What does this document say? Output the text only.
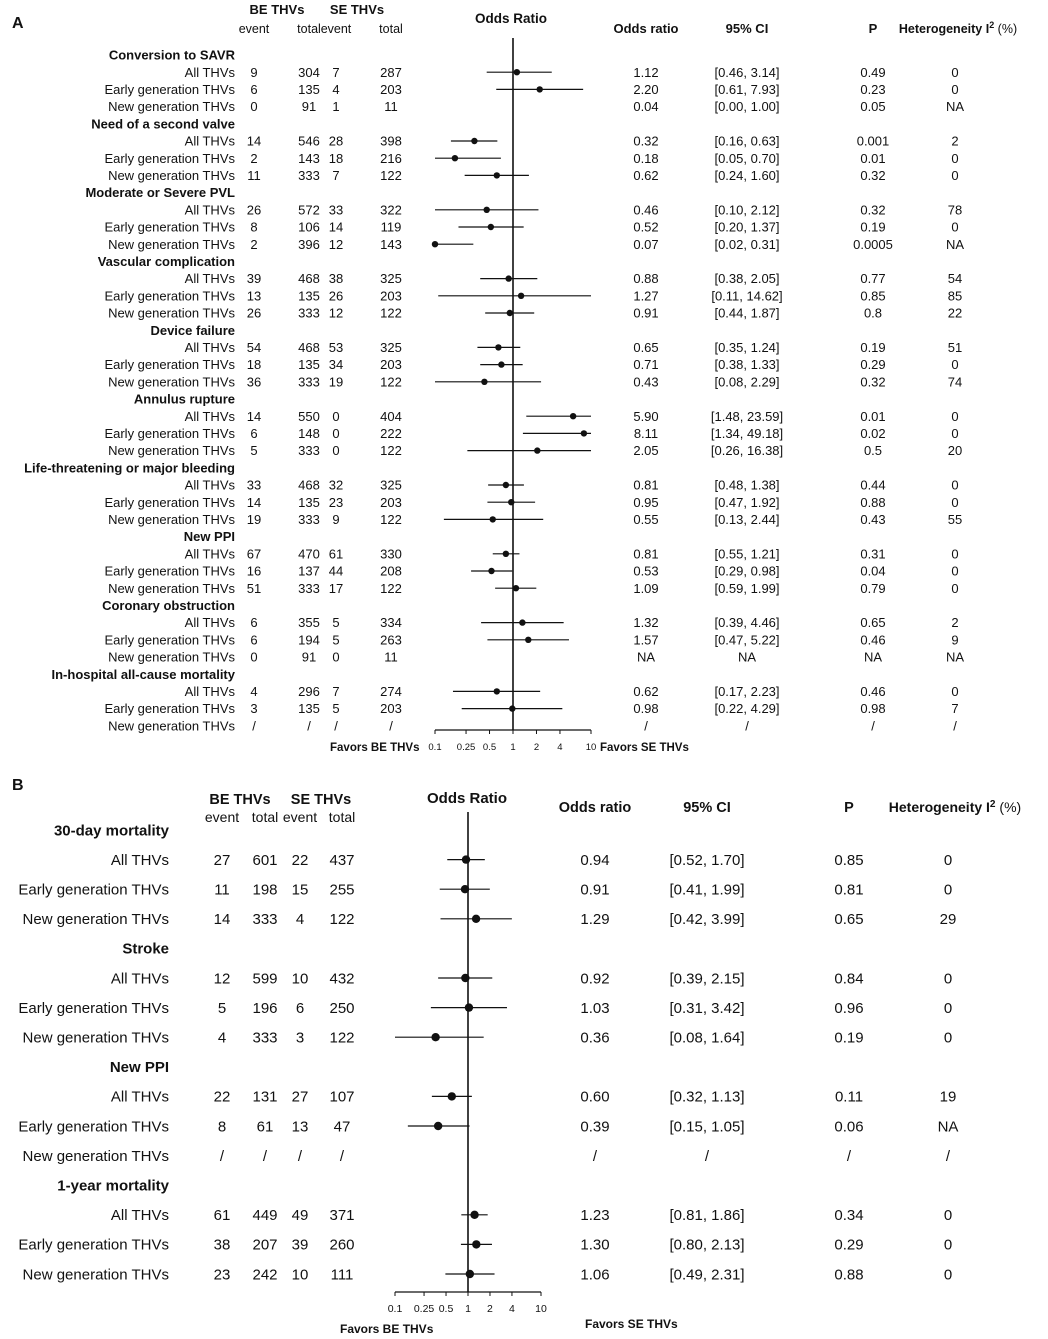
A
BE THVs SE THVs
event total event total
Odds Ratio
Odds ratio	95% CI	P Heterogeneity $I^2$ (%)
Conversion to SAVR
All THVs 9	304 7	287	1.12	[0.46, 3.14]	0.49	0
Early generation THVs 6	135 4	203	2.20	[0.61, 7.93]	0.23	0
New generation THVs 0	91 1	11	0.04	[0.00, 1.00]	0.05	NA
Need of a second valve
All THVs 14	546 28	398	0.32	[0.16, 0.63]	0.001	2
Early generation THVs 2	143 18	216	0.18	[0.05, 0.70]	0.01	0
New generation THVs 11	333 7	122	0.62	[0.24, 1.60]	0.32	0
Moderate or Severe PVL
All THVs 26	572 33	322	0.46	[0.10, 2.12]	0.32	78
Early generation THVs 8	106 14	119	0.52	[0.20, 1.37]	0.19	0
New generation THVs 2	396 12	143	0.07	[0.02, 0.31]	0.0005	NA
Vascular complication
All THVs 39	468 38	325	0.88	[0.38, 2.05]	0.77	54
Early generation THVs 13	135 26	203	1.27	[0.11, 14.62]	0.85	85
New generation THVs 26	333 12	122	0.91	[0.44, 1.87]	0.8	22
Device failure
All THVs 54	468 53	325	0.65	[0.35, 1.24]	0.19	51
Early generation THVs 18	135 34	203	0.71	[0.38, 1.33]	0.29	0
New generation THVs 36	333 19	122	0.43	[0.08, 2.29]	0.32	74
Annulus rupture
All THVs 14	550 0	404	5.90	[1.48, 23.59]	0.01	0
Early generation THVs 6	148 0	222	8.11	[1.34, 49.18]	0.02	0
New generation THVs 5	333 0	122	2.05	[0.26, 16.38]	0.5	20
Life-threatening or major bleeding
All THVs 33	468 32	325	0.81	[0.48, 1.38]	0.44	0
Early generation THVs 14	135 23	203	0.95	[0.47, 1.92]	0.88	0
New generation THVs 19	333 9	122	0.55	[0.13, 2.44]	0.43	55
New PPI
All THVs 67	470 61	330	0.81	[0.55, 1.21]	0.31	0
Early generation THVs 16	137 44	208	0.53	[0.29, 0.98]	0.04	0
New generation THVs 51	333 17	122	1.09	[0.59, 1.99]	0.79	0
Coronary obstruction
All THVs 6	355 5	334	1.32	[0.39, 4.46]	0.65	2
Early generation THVs 6	194 5	263	1.57	[0.47, 5.22]	0.46	9
New generation THVs 0	91 0	11	NA	NA	NA	NA
In-hospital all-cause mortality
All THVs 4	296 7	274	0.62	[0.17, 2.23]	0.46	0
Early generation THVs 3	135 5	203	0.98	[0.22, 4.29]	0.98	7
New generation THVs /	/ /	/	/	/	/	/
0.1 0.25 0.5 1 2 4 10
Favors BE THVs	Favors SE THVs
B
BE THVs SE THVs
event total event total
Odds Ratio
Odds ratio	95% CI	P Heterogeneity $I^2$ (%)
30-day mortality
All THVs	27 601 22 437	0.94	[0.52, 1.70]	0.85	0
Early generation THVs	11 198 15 255	0.91	[0.41, 1.99]	0.81	0
New generation THVs	14 333 4 122	1.29	[0.42, 3.99]	0.65	29
Stroke
All THVs	12 599 10 432	0.92	[0.39, 2.15]	0.84	0
Early generation THVs	5 196 6 250	1.03	[0.31, 3.42]	0.96	0
New generation THVs	4 333 3 122	0.36	[0.08, 1.64]	0.19	0
New PPI
All THVs	22 131 27 107	0.60	[0.32, 1.13]	0.11	19
Early generation THVs	8 61 13 47	0.39	[0.15, 1.05]	0.06	NA
New generation THVs	/	/ /	/	/	/	/	/
1-year mortality
All THVs	61 449 49 371	1.23	[0.81, 1.86]	0.34	0
Early generation THVs	38 207 39 260	1.30	[0.80, 2.13]	0.29	0
New generation THVs	23 242 10 111	1.06	[0.49, 2.31]	0.88	0
0.1 0.25 0.5 1 2 4 10
Favors BE THVs	Favors SE THVs
